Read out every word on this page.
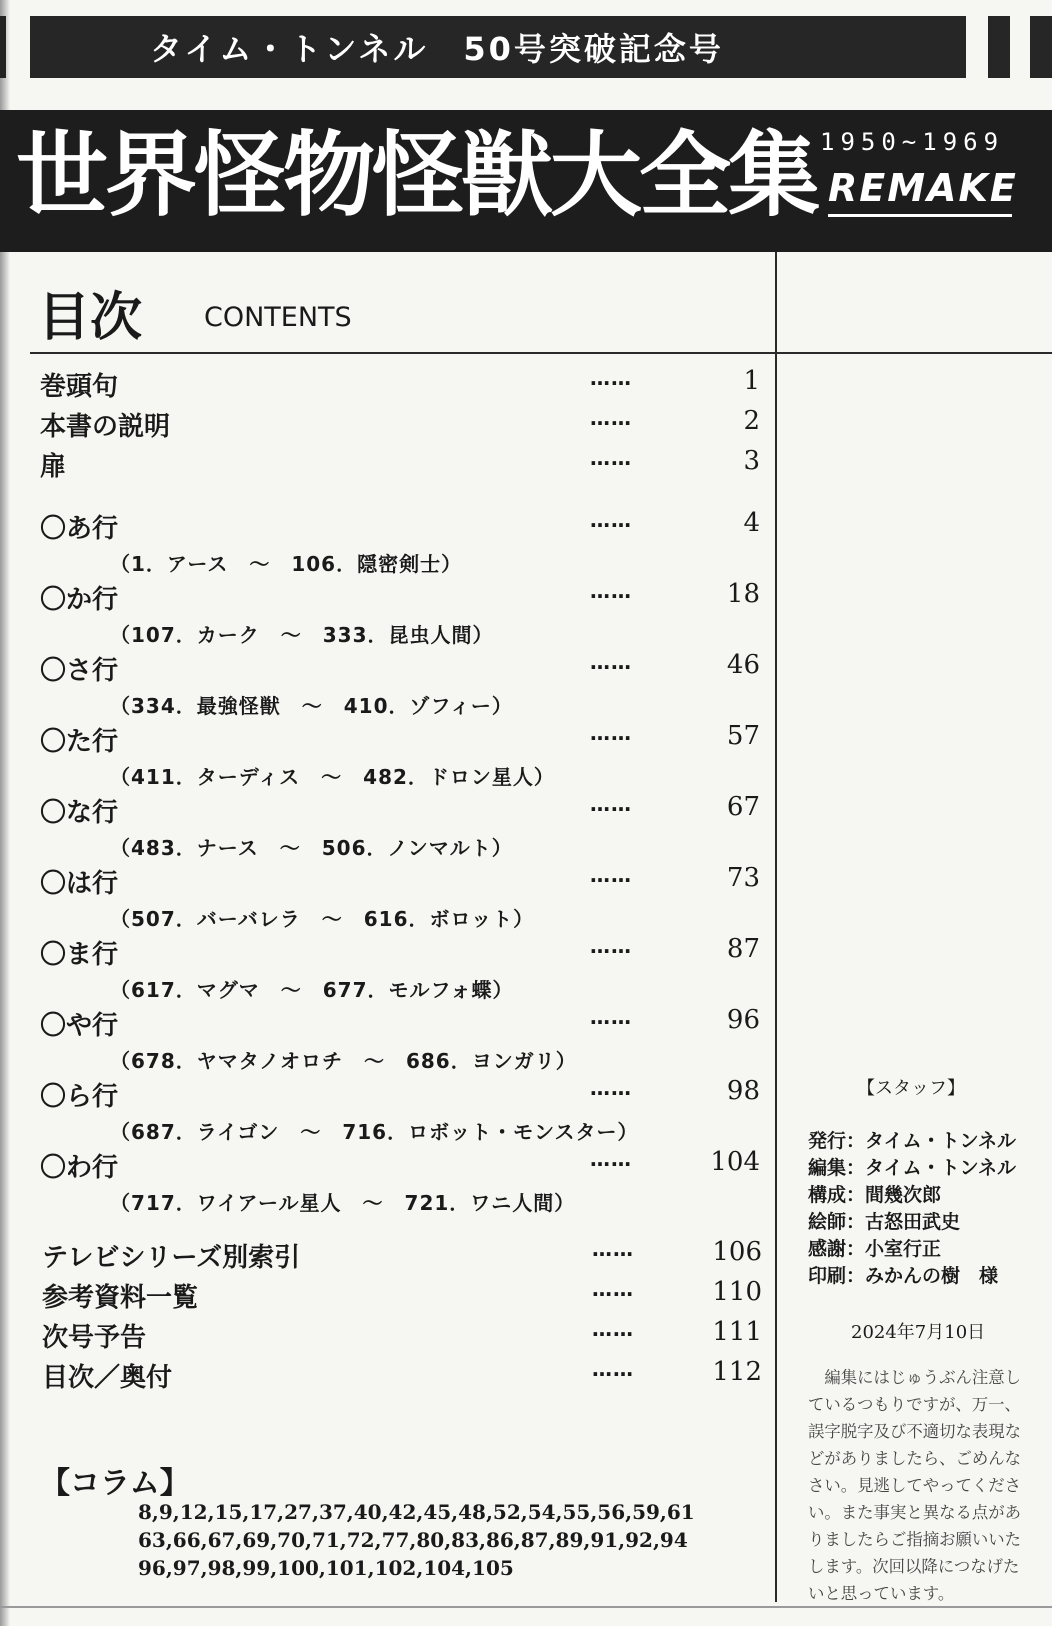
タイム・トンネル　50号突破記念号
世界怪物怪獣大全集 1950~1969
REMAKE
目次 CONTENTS
巻頭句	……	1
本書の説明	……	2
扉	……	3
〇あ行	……	4
（1．アース　～　106．隠密剣士）
〇か行	……	18
（107．カーク　～　333．昆虫人間）
〇さ行	……	46
（334．最強怪獣　～　410．ゾフィー）
〇た行	……	57
（411．ターディス　～　482．ドロン星人）
〇な行	……	67
（483．ナース　～　506．ノンマルト）
〇は行	……	73
（507．バーバレラ　～　616．ボロット）
〇ま行	……	87
（617．マグマ　～　677．モルフォ蝶）
〇や行	……	96
（678．ヤマタノオロチ　～　686．ヨンガリ）
〇ら行	……	98
（687．ライゴン　～　716．ロボット・モンスター）
〇わ行	……	104
（717．ワイアール星人　～　721．ワニ人間）
テレビシリーズ別索引	……	106
参考資料一覧	……	110
次号予告	……	111
目次／奥付	……	112
【コラム】
8,9,12,15,17,27,37,40,42,45,48,52,54,55,56,59,61
63,66,67,69,70,71,72,77,80,83,86,87,89,91,92,94
96,97,98,99,100,101,102,104,105
【スタッフ】
発行：タイム・トンネル
編集：タイム・トンネル
構成：間幾次郎
絵師：古怒田武史
感謝：小室行正
印刷：みかんの樹　様
2024年7月10日
　編集にはじゅうぶん注意し
ているつもりですが、万一、
誤字脱字及び不適切な表現な
どがありましたら、ごめんな
さい。見逃してやってくださ
い。また事実と異なる点があ
りましたらご指摘お願いいた
します。次回以降につなげた
いと思っています。
